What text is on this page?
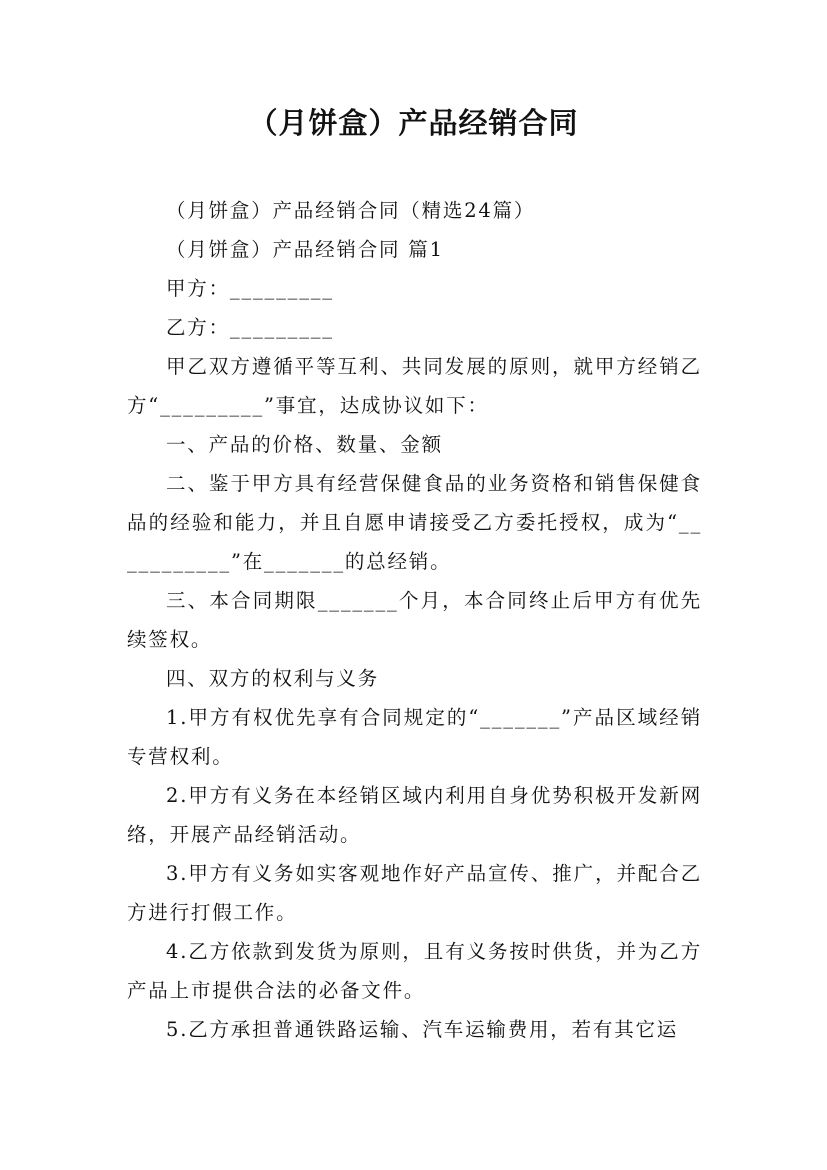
（月饼盒）产品经销合同

（月饼盒）产品经销合同（精选24篇）

（月饼盒）产品经销合同 篇1

甲方：_________

乙方：_________

甲乙双方遵循平等互利、共同发展的原则，就甲方经销乙方“_________”事宜，达成协议如下：

一、产品的价格、数量、金额

二、鉴于甲方具有经营保健食品的业务资格和销售保健食品的经验和能力，并且自愿申请接受乙方委托授权，成为“___________”在_______的总经销。

三、本合同期限_______个月，本合同终止后甲方有优先续签权。

四、双方的权利与义务

1.甲方有权优先享有合同规定的“_______”产品区域经销专营权利。

2.甲方有义务在本经销区域内利用自身优势积极开发新网络，开展产品经销活动。

3.甲方有义务如实客观地作好产品宣传、推广，并配合乙方进行打假工作。

4.乙方依款到发货为原则，且有义务按时供货，并为乙方产品上市提供合法的必备文件。

5.乙方承担普通铁路运输、汽车运输费用，若有其它运
